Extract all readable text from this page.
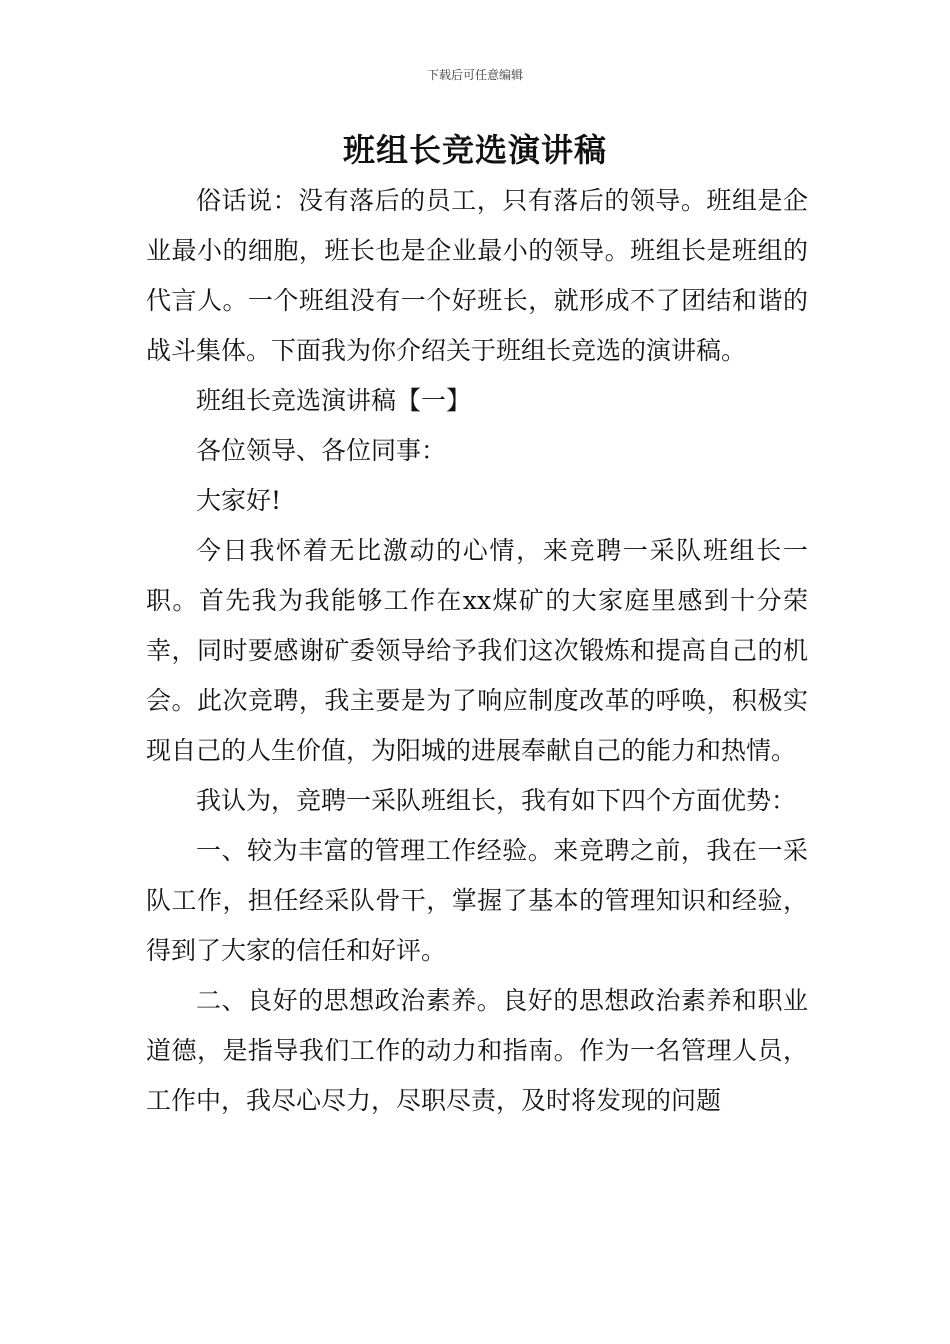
下载后可任意编辑
班组长竞选演讲稿

俗话说：没有落后的员工，只有落后的领导。班组是企业最小的细胞，班长也是企业最小的领导。班组长是班组的代言人。一个班组没有一个好班长，就形成不了团结和谐的战斗集体。下面我为你介绍关于班组长竞选的演讲稿。

班组长竞选演讲稿【一】

各位领导、各位同事：

大家好!

今日我怀着无比激动的心情，来竞聘一采队班组长一职。首先我为我能够工作在xx煤矿的大家庭里感到十分荣幸，同时要感谢矿委领导给予我们这次锻炼和提高自己的机会。此次竞聘，我主要是为了响应制度改革的呼唤，积极实现自己的人生价值，为阳城的进展奉献自己的能力和热情。

我认为，竞聘一采队班组长，我有如下四个方面优势：

一、较为丰富的管理工作经验。来竞聘之前，我在一采队工作，担任经采队骨干，掌握了基本的管理知识和经验，得到了大家的信任和好评。

二、良好的思想政治素养。良好的思想政治素养和职业道德，是指导我们工作的动力和指南。作为一名管理人员，工作中，我尽心尽力，尽职尽责，及时将发现的问题
